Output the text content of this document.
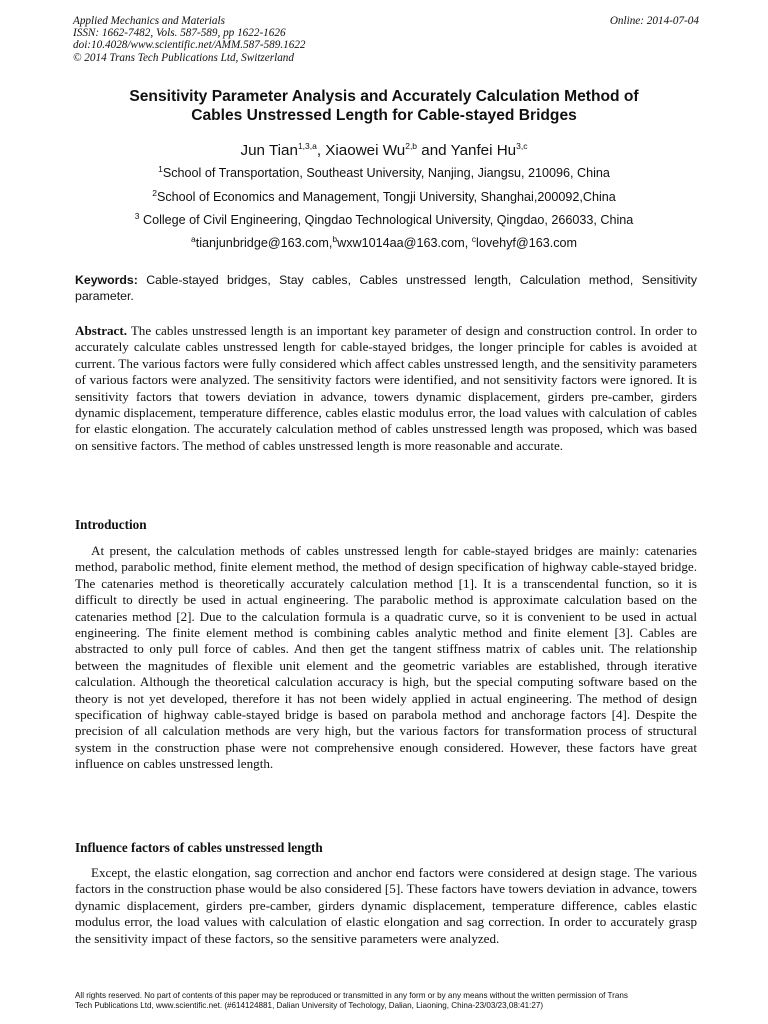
Applied Mechanics and Materials
ISSN: 1662-7482, Vols. 587-589, pp 1622-1626
doi:10.4028/www.scientific.net/AMM.587-589.1622
© 2014 Trans Tech Publications Ltd, Switzerland
Online: 2014-07-04
Sensitivity Parameter Analysis and Accurately Calculation Method of
Cables Unstressed Length for Cable-stayed Bridges
Jun Tian$^{1,3,a}$, Xiaowei Wu$^{2,b}$ and Yanfei Hu$^{3,c}$
$^1$School of Transportation, Southeast University, Nanjing, Jiangsu, 210096, China
$^2$School of Economics and Management, Tongji University, Shanghai,200092,China
$^3$ College of Civil Engineering, Qingdao Technological University, Qingdao, 266033, China
$^a$tianjunbridge@163.com,$^b$wxw1014aa@163.com, $^c$lovehyf@163.com
Keywords: Cable-stayed bridges, Stay cables, Cables unstressed length, Calculation method, Sensitivity parameter.
Abstract. The cables unstressed length is an important key parameter of design and construction control. In order to accurately calculate cables unstressed length for cable-stayed bridges, the longer principle for cables is avoided at current. The various factors were fully considered which affect cables unstressed length, and the sensitivity parameters of various factors were analyzed. The sensitivity factors were identified, and not sensitivity factors were ignored. It is sensitivity factors that towers deviation in advance, towers dynamic displacement, girders pre-camber, girders dynamic displacement, temperature difference, cables elastic modulus error, the load values with calculation of cables for elastic elongation. The accurately calculation method of cables unstressed length was proposed, which was based on sensitive factors. The method of cables unstressed length is more reasonable and accurate.
Introduction
At present, the calculation methods of cables unstressed length for cable-stayed bridges are mainly: catenaries method, parabolic method, finite element method, the method of design specification of highway cable-stayed bridge. The catenaries method is theoretically accurately calculation method [1]. It is a transcendental function, so it is difficult to directly be used in actual engineering. The parabolic method is approximate calculation based on the catenaries method [2]. Due to the calculation formula is a quadratic curve, so it is convenient to be used in actual engineering. The finite element method is combining cables analytic method and finite element [3]. Cables are abstracted to only pull force of cables. And then get the tangent stiffness matrix of cables unit. The relationship between the magnitudes of flexible unit element and the geometric variables are established, through iterative calculation. Although the theoretical calculation accuracy is high, but the special computing software based on the theory is not yet developed, therefore it has not been widely applied in actual engineering. The method of design specification of highway cable-stayed bridge is based on parabola method and anchorage factors [4]. Despite the precision of all calculation methods are very high, but the various factors for transformation process of structural system in the construction phase were not comprehensive enough considered. However, these factors have great influence on cables unstressed length.
Influence factors of cables unstressed length
Except, the elastic elongation, sag correction and anchor end factors were considered at design stage. The various factors in the construction phase would be also considered [5]. These factors have towers deviation in advance, towers dynamic displacement, girders pre-camber, girders dynamic displacement, temperature difference, cables elastic modulus error, the load values with calculation of elastic elongation and sag correction. In order to accurately grasp the sensitivity impact of these factors, so the sensitive parameters were analyzed.
All rights reserved. No part of contents of this paper may be reproduced or transmitted in any form or by any means without the written permission of Trans
Tech Publications Ltd, www.scientific.net. (#614124881, Dalian University of Techology, Dalian, Liaoning, China-23/03/23,08:41:27)
